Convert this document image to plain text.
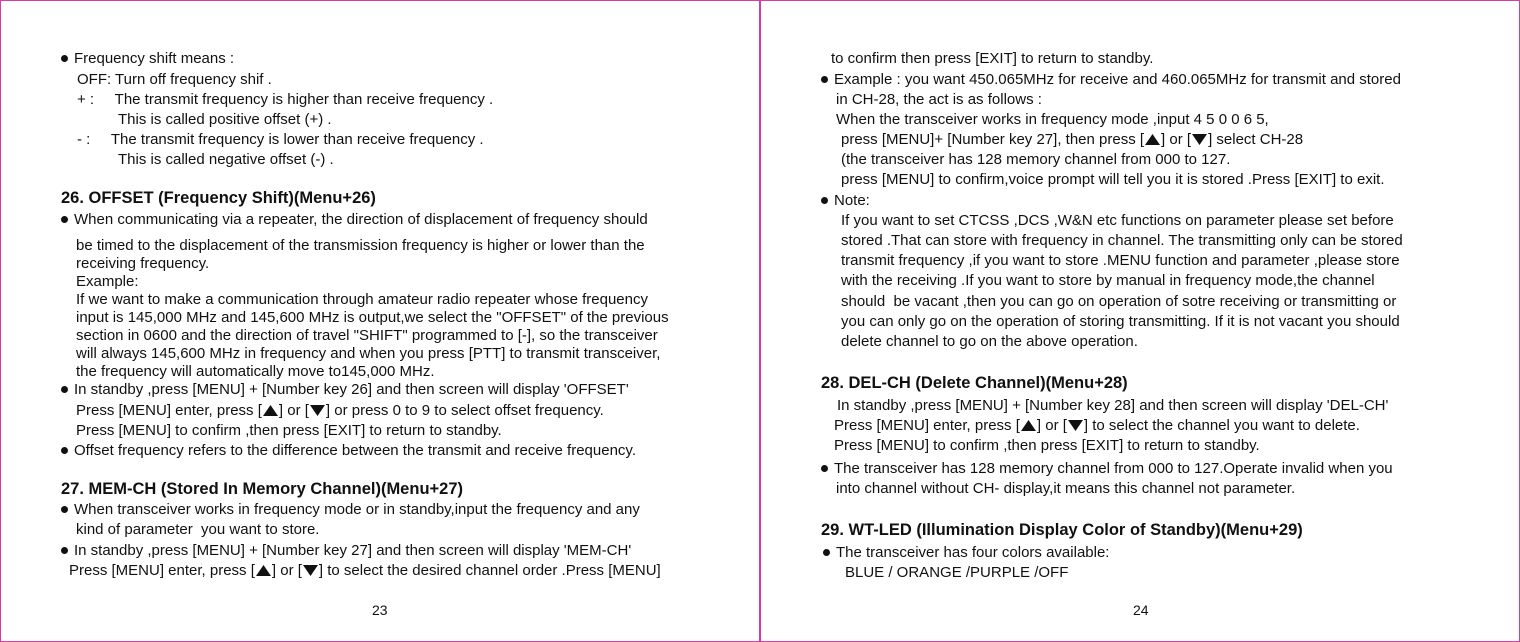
Frequency shift means :
OFF: Turn off frequency shif .
+ :     The transmit frequency is higher than receive frequency .
This is called positive offset (+) .
- :     The transmit frequency is lower than receive frequency .
This is called negative offset (-) .
26. OFFSET (Frequency Shift)(Menu+26)
When communicating via a repeater, the direction of displacement of frequency should
be timed to the displacement of the transmission frequency is higher or lower than the
receiving frequency.
Example:
If we want to make a communication through amateur radio repeater whose frequency
input is 145,000 MHz and 145,600 MHz is output,we select the "OFFSET" of the previous
section in 0600 and the direction of travel "SHIFT" programmed to [-], so the transceiver
will always 145,600 MHz in frequency and when you press [PTT] to transmit transceiver,
the frequency will automatically move to145,000 MHz.
In standby ,press [MENU] + [Number key 26] and then screen will display 'OFFSET'
Press [MENU] enter, press [ ] or [ ] or press 0 to 9 to select offset frequency.
Press [MENU] to confirm ,then press [EXIT] to return to standby.
Offset frequency refers to the difference between the transmit and receive frequency.
27. MEM-CH (Stored In Memory Channel)(Menu+27)
When transceiver works in frequency mode or in standby,input the frequency and any
kind of parameter  you want to store.
In standby ,press [MENU] + [Number key 27] and then screen will display 'MEM-CH'
Press [MENU] enter, press [ ] or [ ] to select the desired channel order .Press [MENU]
23
to confirm then press [EXIT] to return to standby.
Example : you want 450.065MHz for receive and 460.065MHz for transmit and stored
in CH-28, the act is as follows :
When the transceiver works in frequency mode ,input 4 5 0 0 6 5,
press [MENU]+ [Number key 27], then press [ ] or [ ] select CH-28
(the transceiver has 128 memory channel from 000 to 127.
press [MENU] to confirm,voice prompt will tell you it is stored .Press [EXIT] to exit.
Note:
If you want to set CTCSS ,DCS ,W&N etc functions on parameter please set before
stored .That can store with frequency in channel. The transmitting only can be stored
transmit frequency ,if you want to store .MENU function and parameter ,please store
with the receiving .If you want to store by manual in frequency mode,the channel
should  be vacant ,then you can go on operation of sotre receiving or transmitting or
you can only go on the operation of storing transmitting. If it is not vacant you should
delete channel to go on the above operation.
28. DEL-CH (Delete Channel)(Menu+28)
In standby ,press [MENU] + [Number key 28] and then screen will display 'DEL-CH'
Press [MENU] enter, press [ ] or [ ] to select the channel you want to delete.
Press [MENU] to confirm ,then press [EXIT] to return to standby.
The transceiver has 128 memory channel from 000 to 127.Operate invalid when you
into channel without CH- display,it means this channel not parameter.
29. WT-LED (Illumination Display Color of Standby)(Menu+29)
The transceiver has four colors available:
BLUE / ORANGE /PURPLE /OFF
24
